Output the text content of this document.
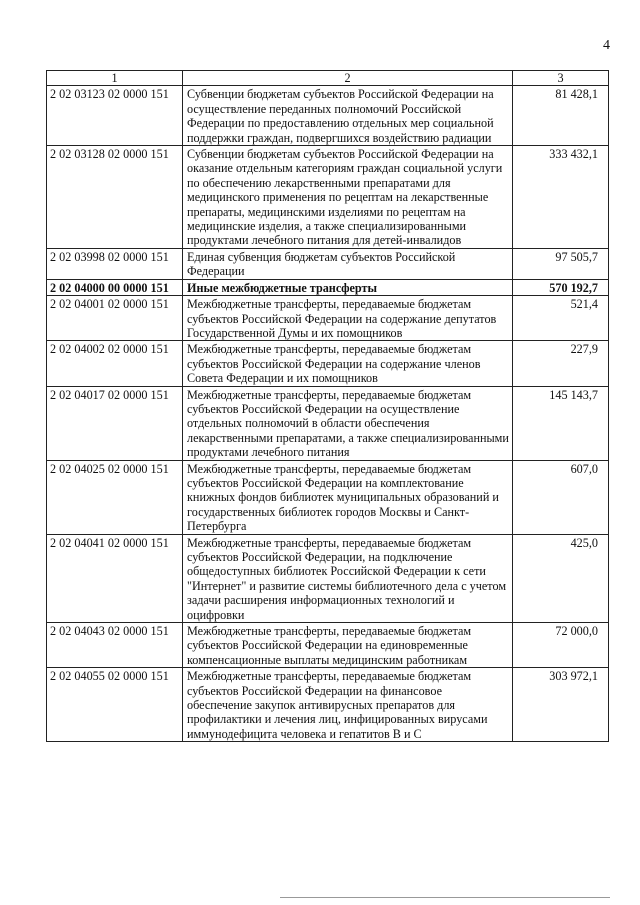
4
1	2	3
2 02 03123 02 0000 151	Субвенции бюджетам субъектов Российской Федерации на осуществление переданных полномочий Российской Федерации по предоставлению отдельных мер социальной поддержки граждан, подвергшихся воздействию радиации	81 428,1
2 02 03128 02 0000 151	Субвенции бюджетам субъектов Российской Федерации на оказание отдельным категориям граждан социальной услуги по обеспечению лекарственными препаратами для медицинского применения по рецептам на лекарственные препараты, медицинскими изделиями по рецептам на медицинские изделия, а также специализированными продуктами лечебного питания для детей-инвалидов	333 432,1
2 02 03998 02 0000 151	Единая субвенция бюджетам субъектов Российской Федерации	97 505,7
2 02 04000 00 0000 151	Иные межбюджетные трансферты	570 192,7
2 02 04001 02 0000 151	Межбюджетные трансферты, передаваемые бюджетам субъектов Российской Федерации на содержание депутатов Государственной Думы и их помощников	521,4
2 02 04002 02 0000 151	Межбюджетные трансферты, передаваемые бюджетам субъектов Российской Федерации на содержание членов Совета Федерации и их помощников	227,9
2 02 04017 02 0000 151	Межбюджетные трансферты, передаваемые бюджетам субъектов Российской Федерации на осуществление отдельных полномочий в области обеспечения лекарственными препаратами, а также специализированными продуктами лечебного питания	145 143,7
2 02 04025 02 0000 151	Межбюджетные трансферты, передаваемые бюджетам субъектов Российской Федерации на комплектование книжных фондов библиотек муниципальных образований и государственных библиотек городов Москвы и Санкт-Петербурга	607,0
2 02 04041 02 0000 151	Межбюджетные трансферты, передаваемые бюджетам субъектов Российской Федерации, на подключение общедоступных библиотек Российской Федерации к сети "Интернет" и развитие системы библиотечного дела с учетом задачи расширения информационных технологий и оцифровки	425,0
2 02 04043 02 0000 151	Межбюджетные трансферты, передаваемые бюджетам субъектов Российской Федерации на единовременные компенсационные выплаты медицинским работникам	72 000,0
2 02 04055 02 0000 151	Межбюджетные трансферты, передаваемые бюджетам субъектов Российской Федерации на финансовое обеспечение закупок антивирусных препаратов для профилактики и лечения лиц, инфицированных вирусами иммунодефицита человека и гепатитов В и С	303 972,1
